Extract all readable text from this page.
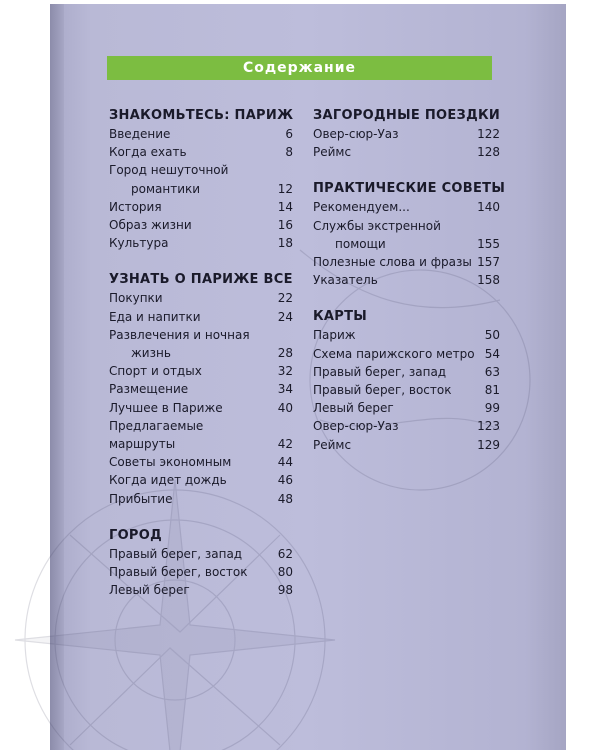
Содержание
ЗНАКОМЬТЕСЬ: ПАРИЖ
Введение	6
Когда ехать	8
Город нешуточной
романтики	12
История	14
Образ жизни	16
Культура	18
УЗНАТЬ О ПАРИЖЕ ВСЕ
Покупки	22
Еда и напитки	24
Развлечения и ночная
жизнь	28
Спорт и отдых	32
Размещение	34
Лучшее в Париже	40
Предлагаемые маршруты	42
Советы экономным	44
Когда идет дождь	46
Прибытие	48
ГОРОД
Правый берег, запад	62
Правый берег, восток	80
Левый берег	98
ЗАГОРОДНЫЕ ПОЕЗДКИ
Овер-сюр-Уаз	122
Реймс	128
ПРАКТИЧЕСКИЕ СОВЕТЫ
Рекомендуем...	140
Службы экстренной
помощи	155
Полезные слова и фразы 157
Указатель	158
КАРТЫ
Париж	50
Схема парижского метро 54
Правый берег, запад	63
Правый берег, восток	81
Левый берег	99
Овер-сюр-Уаз	123
Реймс	129
